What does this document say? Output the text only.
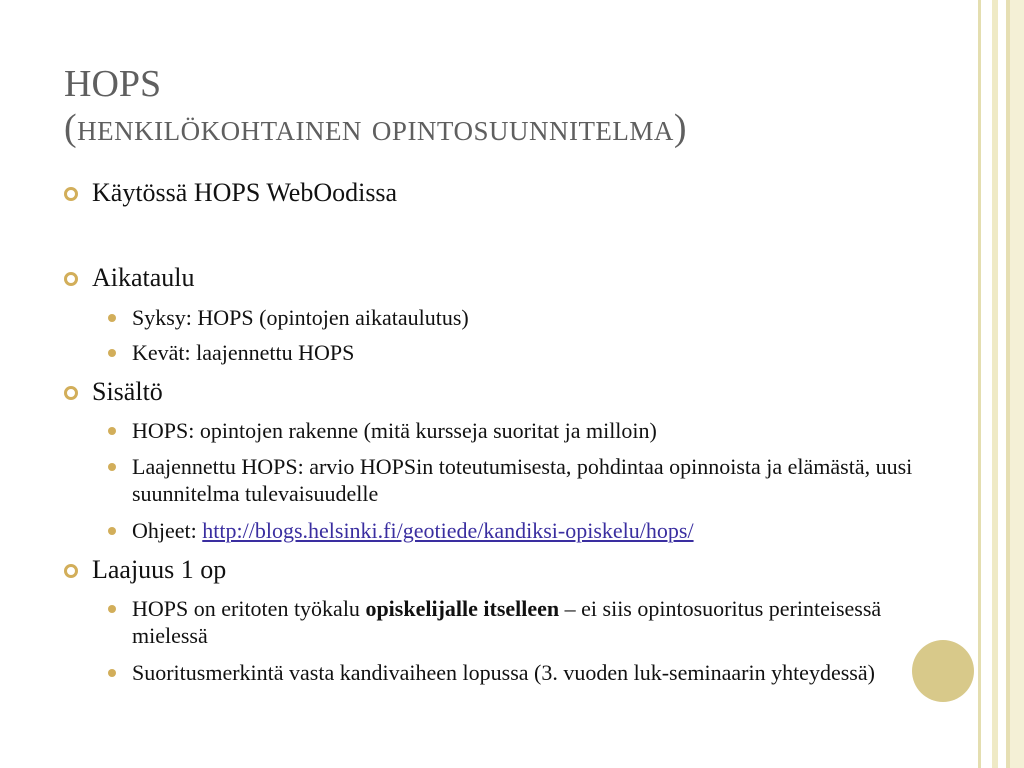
HOPS
(henkilökohtainen opintosuunnitelma)
Käytössä HOPS WebOodissa
Aikataulu
Syksy: HOPS (opintojen aikataulutus)
Kevät: laajennettu HOPS
Sisältö
HOPS: opintojen rakenne (mitä kursseja suoritat ja milloin)
Laajennettu HOPS: arvio HOPSin toteutumisesta, pohdintaa opinnoista ja elämästä, uusi suunnitelma tulevaisuudelle
Ohjeet: http://blogs.helsinki.fi/geotiede/kandiksi-opiskelu/hops/
Laajuus 1 op
HOPS on eritoten työkalu opiskelijalle itselleen – ei siis opintosuoritus perinteisessä mielessä
Suoritusmerkintä vasta kandivaiheen lopussa (3. vuoden luk-seminaarin yhteydessä)
